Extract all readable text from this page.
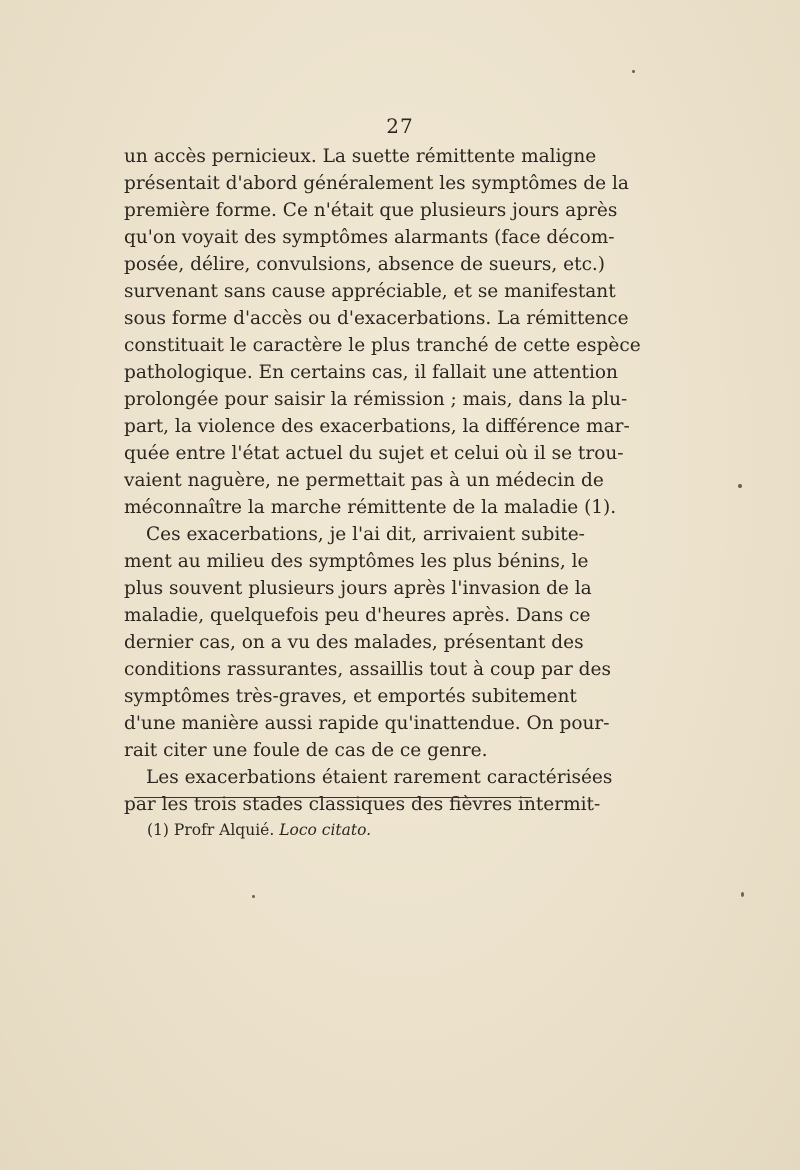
27
un accès pernicieux. La suette rémittente maligne
présentait d'abord généralement les symptômes de la
première forme. Ce n'était que plusieurs jours après
qu'on voyait des symptômes alarmants (face décom-
posée, délire, convulsions, absence de sueurs, etc.)
survenant sans cause appréciable, et se manifestant
sous forme d'accès ou d'exacerbations. La rémittence
constituait le caractère le plus tranché de cette espèce
pathologique. En certains cas, il fallait une attention
prolongée pour saisir la rémission ; mais, dans la plu-
part, la violence des exacerbations, la différence mar-
quée entre l'état actuel du sujet et celui où il se trou-
vaient naguère, ne permettait pas à un médecin de
méconnaître la marche rémittente de la maladie (1).
Ces exacerbations, je l'ai dit, arrivaient subite-
ment au milieu des symptômes les plus bénins, le
plus souvent plusieurs jours après l'invasion de la
maladie, quelquefois peu d'heures après. Dans ce
dernier cas, on a vu des malades, présentant des
conditions rassurantes, assaillis tout à coup par des
symptômes très-graves, et emportés subitement
d'une manière aussi rapide qu'inattendue. On pour-
rait citer une foule de cas de ce genre.
Les exacerbations étaient rarement caractérisées
par les trois stades classiques des fièvres intermit-
(1) Profr Alquié. Loco citato.
